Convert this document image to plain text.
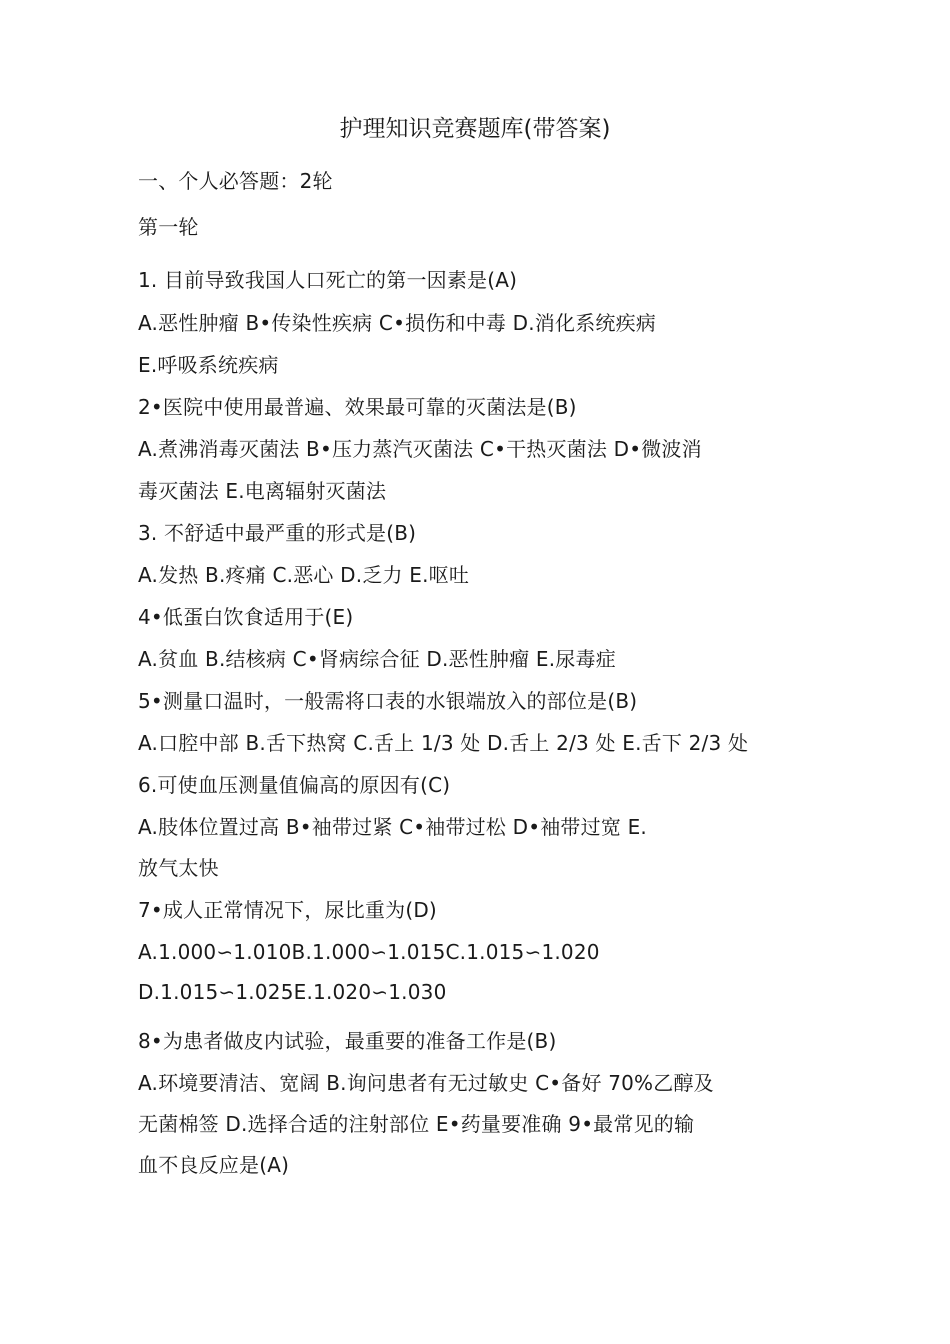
护理知识竞赛题库(带答案)
一、个人必答题：2轮
第一轮
1. 目前导致我国人口死亡的第一因素是(A)
A.恶性肿瘤 B•传染性疾病 C•损伤和中毒 D.消化系统疾病
E.呼吸系统疾病
2•医院中使用最普遍、效果最可靠的灭菌法是(B)
A.煮沸消毒灭菌法 B•压力蒸汽灭菌法 C•干热灭菌法 D•微波消
毒灭菌法 E.电离辐射灭菌法
3. 不舒适中最严重的形式是(B)
A.发热 B.疼痛 C.恶心 D.乏力 E.呕吐
4•低蛋白饮食适用于(E)
A.贫血 B.结核病 C•肾病综合征 D.恶性肿瘤 E.尿毒症
5•测量口温时，一般需将口表的水银端放入的部位是(B)
A.口腔中部 B.舌下热窝 C.舌上 1/3 处 D.舌上 2/3 处 E.舌下 2/3 处
6.可使血压测量值偏高的原因有(C)
A.肢体位置过高 B•袖带过紧 C•袖带过松 D•袖带过宽 E.
放气太快
7•成人正常情况下，尿比重为(D)
A.1.000∽1.010B.1.000∽1.015C.1.015∽1.020
D.1.015∽1.025E.1.020∽1.030
8•为患者做皮内试验，最重要的准备工作是(B)
A.环境要清洁、宽阔 B.询问患者有无过敏史 C•备好 70%乙醇及
无菌棉签 D.选择合适的注射部位 E•药量要准确 9•最常见的输
血不良反应是(A)
